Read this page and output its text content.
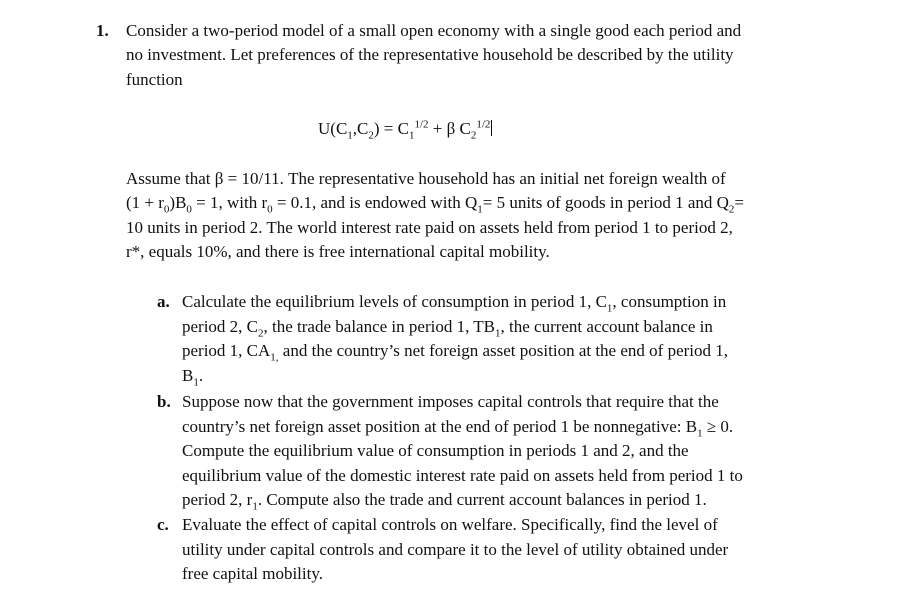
1. Consider a two-period model of a small open economy with a single good each period and
no investment. Let preferences of the representative household be described by the utility
function
$U(C_1,C_2) = C_1^{1/2} + \beta$ $C_2^{1/2}$
Assume that β = 10/11. The representative household has an initial net foreign wealth of
$(1 + r_0)B_0 = 1$, with $r_0 = 0.1$, and is endowed with $Q_1= 5$ units of goods in period 1 and $Q_2=$
10 units in period 2. The world interest rate paid on assets held from period 1 to period 2,
r*, equals 10%, and there is free international capital mobility.
a. Calculate the equilibrium levels of consumption in period 1, $C_1$, consumption in
period 2, $C_2$, the trade balance in period 1, $TB_1$, the current account balance in
period 1, $CA_{1,}$ and the country’s net foreign asset position at the end of period 1,
$B_1$.
b. Suppose now that the government imposes capital controls that require that the
country’s net foreign asset position at the end of period 1 be nonnegative: $B_1 \ge 0$.
Compute the equilibrium value of consumption in periods 1 and 2, and the
equilibrium value of the domestic interest rate paid on assets held from period 1 to
period 2, $r_1$. Compute also the trade and current account balances in period 1.
c. Evaluate the effect of capital controls on welfare. Specifically, find the level of
utility under capital controls and compare it to the level of utility obtained under
free capital mobility.
